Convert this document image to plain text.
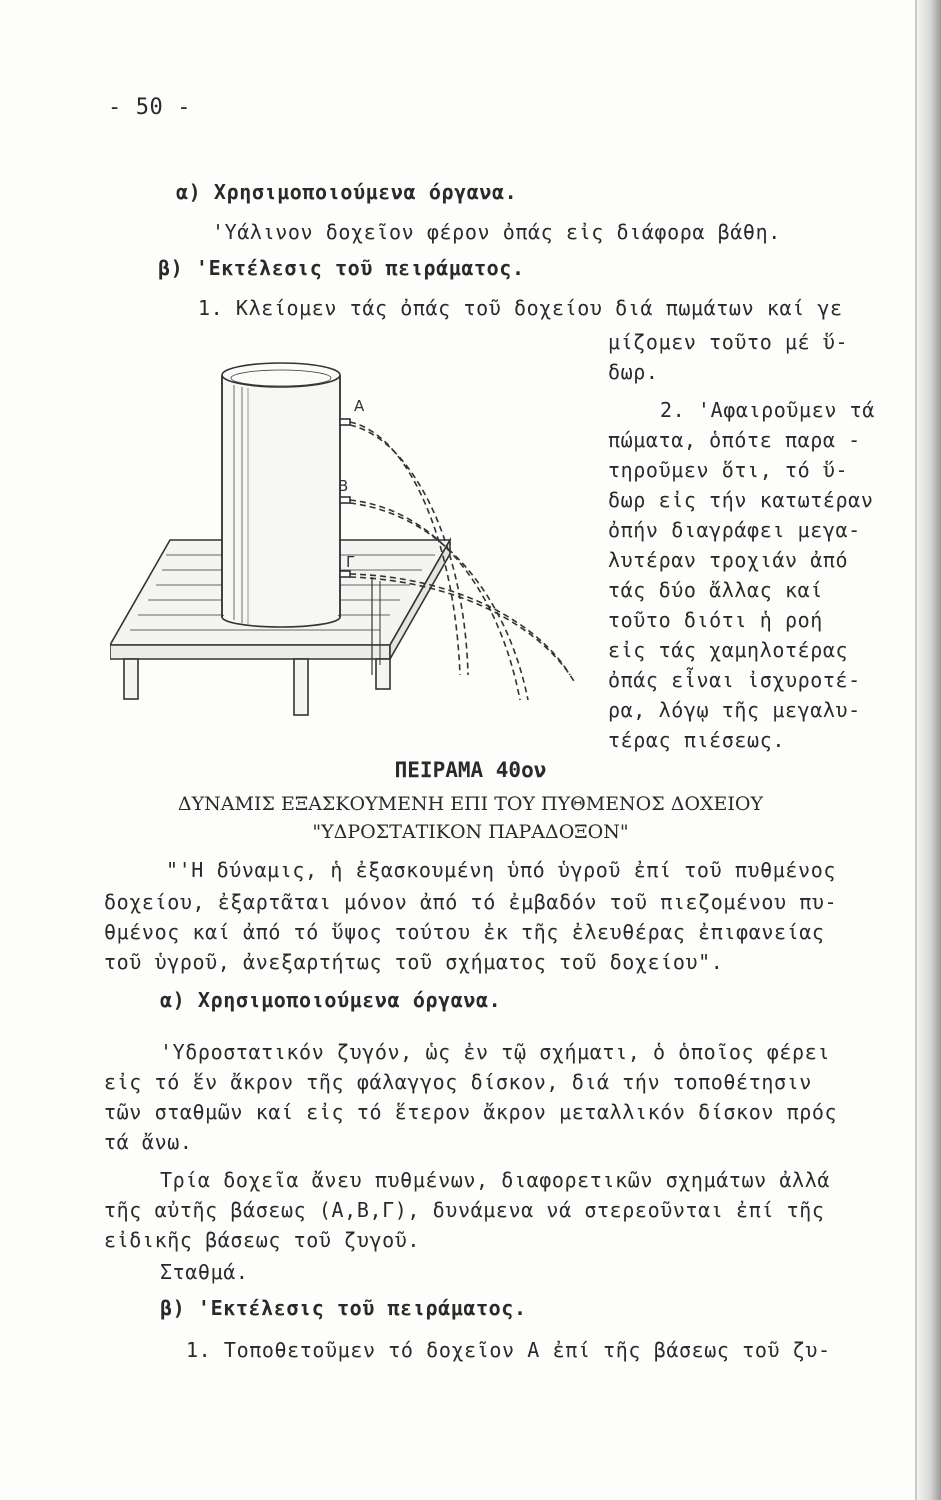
- 50 -
α) Χρησιμοποιούμενα όργανα.
'Υάλινον δοχεῖον φέρον ὀπάς εἰς διάφορα βάθη.
β) 'Εκτέλεσις τοῦ πειράματος.
1. Κλείομεν τάς ὀπάς τοῦ δοχείου διά πωμάτων καί γε
μίζομεν τοῦτο μέ ὕ-
δωρ.
2. 'Αφαιροῦμεν τά
πώματα, ὁπότε παρα -
τηροῦμεν ὅτι, τό ὕ-
δωρ εἰς τήν κατωτέραν
ὀπήν διαγράφει μεγα-
λυτέραν τροχιάν ἀπό
τάς δύο ἄλλας καί
τοῦτο διότι ἡ ροή
εἰς τάς χαμηλοτέρας
ὀπάς εἶναι ἰσχυροτέ-
ρα, λόγῳ τῆς μεγαλυ-
τέρας πιέσεως.
A
B
Γ
ΠΕΙΡΑΜΑ 40ον
ΔΥΝΑΜΙΣ ΕΞΑΣΚΟΥΜΕΝΗ ΕΠΙ ΤΟΥ ΠΥΘΜΕΝΟΣ ΔΟΧΕΙΟΥ
"ΥΔΡΟΣΤΑΤΙΚΟΝ ΠΑΡΑΔΟΞΟΝ"
"'Η δύναμις, ἡ ἐξασκουμένη ὑπό ὑγροῦ ἐπί τοῦ πυθμένος
δοχείου, ἐξαρτᾶται μόνον ἀπό τό ἐμβαδόν τοῦ πιεζομένου πυ-
θμένος καί ἀπό τό ὕψος τούτου ἐκ τῆς ἐλευθέρας ἐπιφανείας
τοῦ ὑγροῦ, ἀνεξαρτήτως τοῦ σχήματος τοῦ δοχείου".
α) Χρησιμοποιούμενα όργανα.
'Υδροστατικόν ζυγόν, ὡς ἐν τῷ σχήματι, ὁ ὁποῖος φέρει
εἰς τό ἕν ἄκρον τῆς φάλαγγος δίσκον, διά τήν τοποθέτησιν
τῶν σταθμῶν καί εἰς τό ἕτερον ἄκρον μεταλλικόν δίσκον πρός
τά ἄνω.
Τρία δοχεῖα ἄνευ πυθμένων, διαφορετικῶν σχημάτων ἀλλά
τῆς αὐτῆς βάσεως (Α,Β,Γ), δυνάμενα νά στερεοῦνται ἐπί τῆς
εἰδικῆς βάσεως τοῦ ζυγοῦ.
Σταθμά.
β) 'Εκτέλεσις τοῦ πειράματος.
1. Τοποθετοῦμεν τό δοχεῖον Α ἐπί τῆς βάσεως τοῦ ζυ-
